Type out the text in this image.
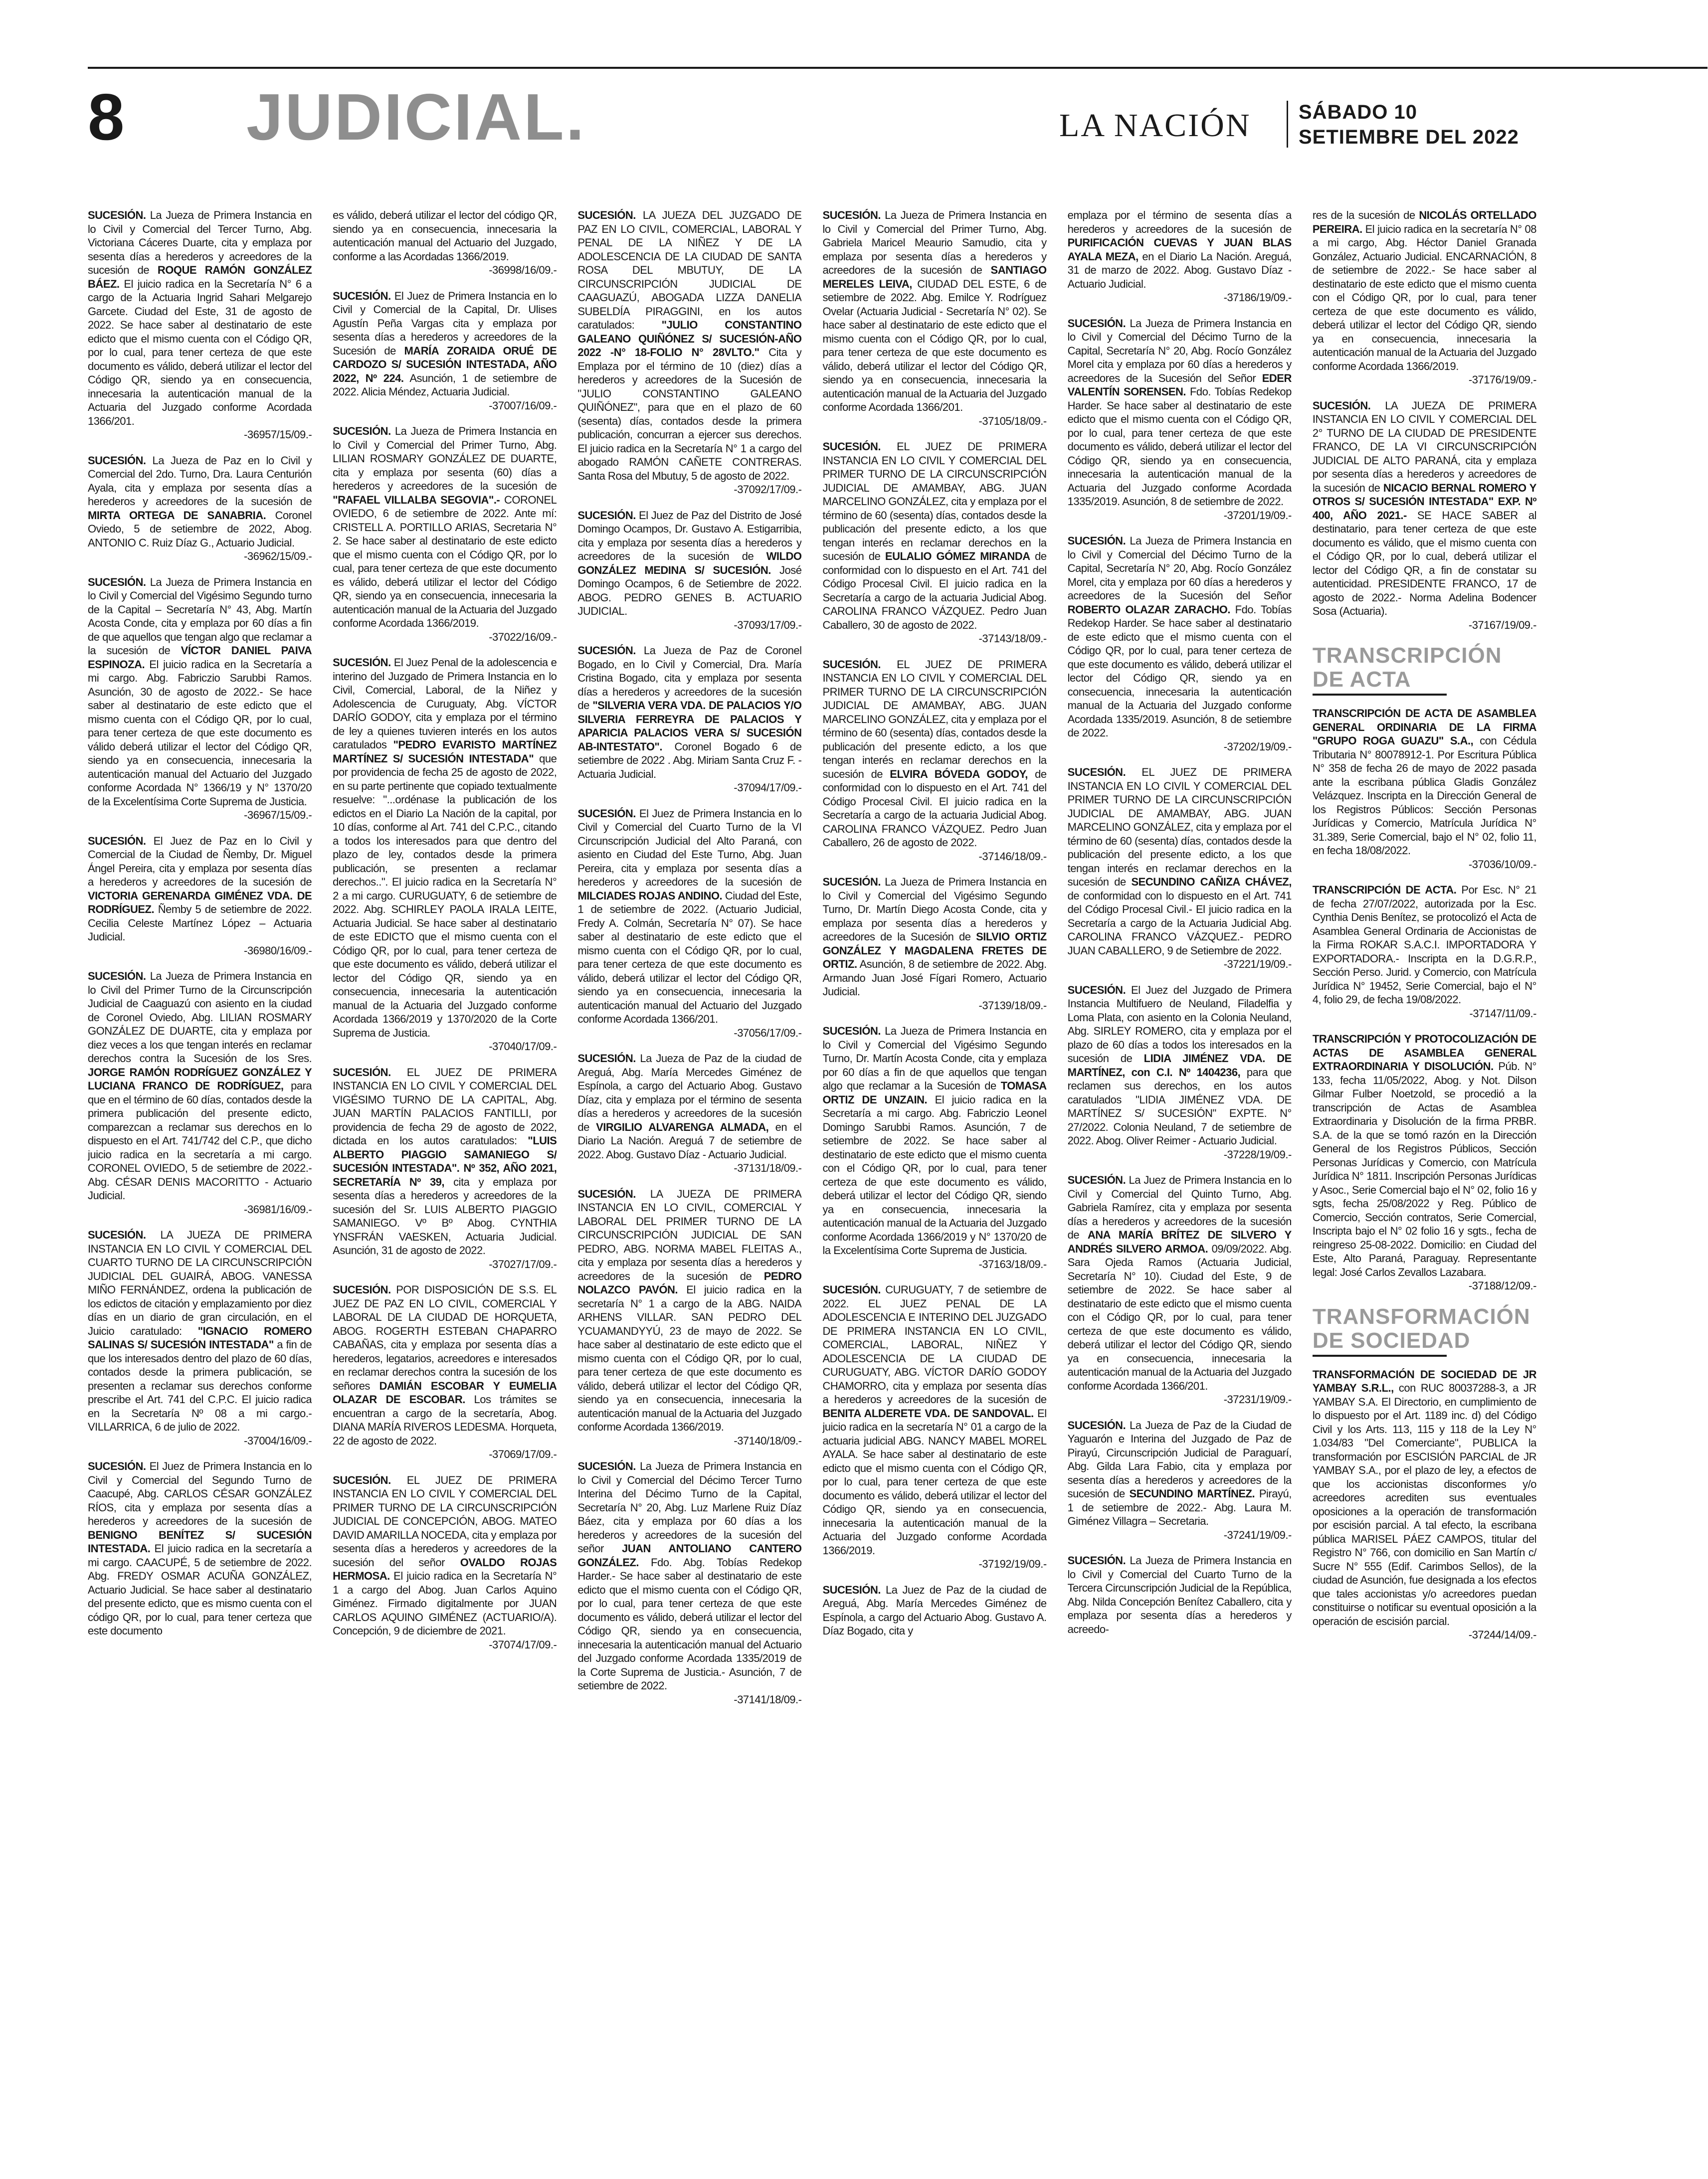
8 JUDICIAL.	LA NACIÓN SÁBADO 10
SETIEMBRE DEL 2022

SUCESIÓN. La Jueza de Primera Instancia en lo Civil y Comercial del Tercer Turno, Abg. Victoriana Cáceres Duarte, cita y emplaza por sesenta días a herederos y acreedores de la sucesión de ROQUE RAMÓN GONZÁLEZ BÁEZ. El juicio radica en la Secretaría N° 6 a cargo de la Actuaria Ingrid Sahari Melgarejo Garcete. Ciudad del Este, 31 de agosto de 2022. Se hace saber al destinatario de este edicto que el mismo cuenta con el Código QR, por lo cual, para tener certeza de que este documento es válido, deberá utilizar el lector del Código QR, siendo ya en consecuencia, innecesaria la autenticación manual de la Actuaria del Juzgado conforme Acordada 1366/201.
-36957/15/09.-

SUCESIÓN. La Jueza de Paz en lo Civil y Comercial del 2do. Turno, Dra. Laura Centurión Ayala, cita y emplaza por sesenta días a herederos y acreedores de la sucesión de MIRTA ORTEGA DE SANABRIA. Coronel Oviedo, 5 de setiembre de 2022, Abog. ANTONIO C. Ruiz Díaz G., Actuario Judicial.
-36962/15/09.-

SUCESIÓN. La Jueza de Primera Instancia en lo Civil y Comercial del Vigésimo Segundo turno de la Capital – Secretaría N° 43, Abg. Martín Acosta Conde, cita y emplaza por 60 días a fin de que aquellos que tengan algo que reclamar a la sucesión de VÍCTOR DANIEL PAIVA ESPINOZA. El juicio radica en la Secretaría a mi cargo. Abg. Fabriczio Sarubbi Ramos. Asunción, 30 de agosto de 2022.- Se hace saber al destinatario de este edicto que el mismo cuenta con el Código QR, por lo cual, para tener certeza de que este documento es válido deberá utilizar el lector del Código QR, siendo ya en consecuencia, innecesaria la autenticación manual del Actuario del Juzgado conforme Acordada N° 1366/19 y N° 1370/20 de la Excelentísima Corte Suprema de Justicia.
-36967/15/09.-

SUCESIÓN. El Juez de Paz en lo Civil y Comercial de la Ciudad de Ñemby, Dr. Miguel Ángel Pereira, cita y emplaza por sesenta días a herederos y acreedores de la sucesión de VICTORIA GERENARDA GIMÉNEZ VDA. DE RODRÍGUEZ. Ñemby 5 de setiembre de 2022. Cecilia Celeste Martínez López – Actuaria Judicial.
-36980/16/09.-

SUCESIÓN. La Jueza de Primera Instancia en lo Civil del Primer Turno de la Circunscripción Judicial de Caaguazú con asiento en la ciudad de Coronel Oviedo, Abg. LILIAN ROSMARY GONZÁLEZ DE DUARTE, cita y emplaza por diez veces a los que tengan interés en reclamar derechos contra la Sucesión de los Sres. JORGE RAMÓN RODRÍGUEZ GONZÁLEZ Y LUCIANA FRANCO DE RODRÍGUEZ, para que en el término de 60 días, contados desde la primera publicación del presente edicto, comparezcan a reclamar sus derechos en lo dispuesto en el Art. 741/742 del C.P., que dicho juicio radica en la secretaría a mi cargo. CORONEL OVIEDO, 5 de setiembre de 2022.- Abg. CÉSAR DENIS MACORITTO - Actuario Judicial.
-36981/16/09.-

SUCESIÓN. LA JUEZA DE PRIMERA INSTANCIA EN LO CIVIL Y COMERCIAL DEL CUARTO TURNO DE LA CIRCUNSCRIPCIÓN JUDICIAL DEL GUAIRÁ, ABOG. VANESSA MIÑO FERNÁNDEZ, ordena la publicación de los edictos de citación y emplazamiento por diez días en un diario de gran circulación, en el Juicio caratulado: "IGNACIO ROMERO SALINAS S/ SUCESIÓN INTESTADA" a fin de que los interesados dentro del plazo de 60 días, contados desde la primera publicación, se presenten a reclamar sus derechos conforme prescribe el Art. 741 del C.P.C. El juicio radica en la Secretaría Nº 08 a mi cargo.- VILLARRICA, 6 de julio de 2022.
-37004/16/09.-

SUCESIÓN. El Juez de Primera Instancia en lo Civil y Comercial del Segundo Turno de Caacupé, Abg. CARLOS CÉSAR GONZÁLEZ RÍOS, cita y emplaza por sesenta días a herederos y acreedores de la sucesión de BENIGNO BENÍTEZ S/ SUCESIÓN INTESTADA. El juicio radica en la secretaría a mi cargo. CAACUPÉ, 5 de setiembre de 2022. Abg. FREDY OSMAR ACUÑA GONZÁLEZ, Actuario Judicial. Se hace saber al destinatario del presente edicto, que es mismo cuenta con el código QR, por lo cual, para tener certeza que este documento

es válido, deberá utilizar el lector del código QR, siendo ya en consecuencia, innecesaria la autenticación manual del Actuario del Juzgado, conforme a las Acordadas 1366/2019.
-36998/16/09.-

SUCESIÓN. El Juez de Primera Instancia en lo Civil y Comercial de la Capital, Dr. Ulises Agustín Peña Vargas cita y emplaza por sesenta días a herederos y acreedores de la Sucesión de MARÍA ZORAIDA ORUÉ DE CARDOZO S/ SUCESIÓN INTESTADA, AÑO 2022, Nº 224. Asunción, 1 de setiembre de 2022. Alicia Méndez, Actuaria Judicial.
-37007/16/09.-

SUCESIÓN. La Jueza de Primera Instancia en lo Civil y Comercial del Primer Turno, Abg. LILIAN ROSMARY GONZÁLEZ DE DUARTE, cita y emplaza por sesenta (60) días a herederos y acreedores de la sucesión de "RAFAEL VILLALBA SEGOVIA".- CORONEL OVIEDO, 6 de setiembre de 2022. Ante mí: CRISTELL A. PORTILLO ARIAS, Secretaria N° 2. Se hace saber al destinatario de este edicto que el mismo cuenta con el Código QR, por lo cual, para tener certeza de que este documento es válido, deberá utilizar el lector del Código QR, siendo ya en consecuencia, innecesaria la autenticación manual de la Actuaria del Juzgado conforme Acordada 1366/2019.
-37022/16/09.-

SUCESIÓN. El Juez Penal de la adolescencia e interino del Juzgado de Primera Instancia en lo Civil, Comercial, Laboral, de la Niñez y Adolescencia de Curuguaty, Abg. VÍCTOR DARÍO GODOY, cita y emplaza por el término de ley a quienes tuvieren interés en los autos caratulados "PEDRO EVARISTO MARTÍNEZ MARTÍNEZ S/ SUCESIÓN INTESTADA" que por providencia de fecha 25 de agosto de 2022, en su parte pertinente que copiado textualmente resuelve: "...ordénase la publicación de los edictos en el Diario La Nación de la capital, por 10 días, conforme al Art. 741 del C.P.C., citando a todos los interesados para que dentro del plazo de ley, contados desde la primera publicación, se presenten a reclamar derechos..". El juicio radica en la Secretaría N° 2 a mi cargo. CURUGUATY, 6 de setiembre de 2022. Abg. SCHIRLEY PAOLA IRALA LEITE, Actuaria Judicial. Se hace saber al destinatario de este EDICTO que el mismo cuenta con el Código QR, por lo cual, para tener certeza de que este documento es válido, deberá utilizar el lector del Código QR, siendo ya en consecuencia, innecesaria la autenticación manual de la Actuaria del Juzgado conforme Acordada 1366/2019 y 1370/2020 de la Corte Suprema de Justicia.
-37040/17/09.-

SUCESIÓN. EL JUEZ DE PRIMERA INSTANCIA EN LO CIVIL Y COMERCIAL DEL VIGÉSIMO TURNO DE LA CAPITAL, Abg. JUAN MARTÍN PALACIOS FANTILLI, por providencia de fecha 29 de agosto de 2022, dictada en los autos caratulados: "LUIS ALBERTO PIAGGIO SAMANIEGO S/ SUCESIÓN INTESTADA". Nº 352, AÑO 2021, SECRETARÍA Nº 39, cita y emplaza por sesenta días a herederos y acreedores de la sucesión del Sr. LUIS ALBERTO PIAGGIO SAMANIEGO. Vº Bº Abog. CYNTHIA YNSFRÁN VAESKEN, Actuaria Judicial. Asunción, 31 de agosto de 2022.
-37027/17/09.-

SUCESIÓN. POR DISPOSICIÓN DE S.S. EL JUEZ DE PAZ EN LO CIVIL, COMERCIAL Y LABORAL DE LA CIUDAD DE HORQUETA, ABOG. ROGERTH ESTEBAN CHAPARRO CABAÑAS, cita y emplaza por sesenta días a herederos, legatarios, acreedores e interesados en reclamar derechos contra la sucesión de los señores DAMIÁN ESCOBAR Y EUMELIA OLAZAR DE ESCOBAR. Los trámites se encuentran a cargo de la secretaría, Abog. DIANA MARÍA RIVEROS LEDESMA. Horqueta, 22 de agosto de 2022.
-37069/17/09.-

SUCESIÓN. EL JUEZ DE PRIMERA INSTANCIA EN LO CIVIL Y COMERCIAL DEL PRIMER TURNO DE LA CIRCUNSCRIPCIÓN JUDICIAL DE CONCEPCIÓN, ABOG. MATEO DAVID AMARILLA NOCEDA, cita y emplaza por sesenta días a herederos y acreedores de la sucesión del señor OVALDO ROJAS HERMOSA. El juicio radica en la Secretaría N° 1 a cargo del Abog. Juan Carlos Aquino Giménez. Firmado digitalmente por JUAN CARLOS AQUINO GIMÉNEZ (ACTUARIO/A). Concepción, 9 de diciembre de 2021.
-37074/17/09.-

SUCESIÓN. LA JUEZA DEL JUZGADO DE PAZ EN LO CIVIL, COMERCIAL, LABORAL Y PENAL DE LA NIÑEZ Y DE LA ADOLESCENCIA DE LA CIUDAD DE SANTA ROSA DEL MBUTUY, DE LA CIRCUNSCRIPCIÓN JUDICIAL DE CAAGUAZÚ, ABOGADA LIZZA DANELIA SUBELDÍA PIRAGGINI, en los autos caratulados: "JULIO CONSTANTINO GALEANO QUIÑÓNEZ S/ SUCESIÓN-AÑO 2022 -N° 18-FOLIO N° 28VLTO." Cita y Emplaza por el término de 10 (diez) días a herederos y acreedores de la Sucesión de "JULIO CONSTANTINO GALEANO QUIÑÓNEZ", para que en el plazo de 60 (sesenta) días, contados desde la primera publicación, concurran a ejercer sus derechos. El juicio radica en la Secretaría N° 1 a cargo del abogado RAMÓN CAÑETE CONTRERAS. Santa Rosa del Mbutuy, 5 de agosto de 2022.
-37092/17/09.-

SUCESIÓN. El Juez de Paz del Distrito de José Domingo Ocampos, Dr. Gustavo A. Estigarribia, cita y emplaza por sesenta días a herederos y acreedores de la sucesión de WILDO GONZÁLEZ MEDINA S/ SUCESIÓN. José Domingo Ocampos, 6 de Setiembre de 2022. ABOG. PEDRO GENES B. ACTUARIO JUDICIAL.
-37093/17/09.-

SUCESIÓN. La Jueza de Paz de Coronel Bogado, en lo Civil y Comercial, Dra. María Cristina Bogado, cita y emplaza por sesenta días a herederos y acreedores de la sucesión de "SILVERIA VERA VDA. DE PALACIOS Y/O SILVERIA FERREYRA DE PALACIOS Y APARICIA PALACIOS VERA S/ SUCESIÓN AB-INTESTATO". Coronel Bogado 6 de setiembre de 2022 . Abg. Miriam Santa Cruz F. - Actuaria Judicial.
-37094/17/09.-

SUCESIÓN. El Juez de Primera Instancia en lo Civil y Comercial del Cuarto Turno de la VI Circunscripción Judicial del Alto Paraná, con asiento en Ciudad del Este Turno, Abg. Juan Pereira, cita y emplaza por sesenta días a herederos y acreedores de la sucesión de MILCIADES ROJAS ANDINO. Ciudad del Este, 1 de setiembre de 2022. (Actuario Judicial, Fredy A. Colmán, Secretaría N° 07). Se hace saber al destinatario de este edicto que el mismo cuenta con el Código QR, por lo cual, para tener certeza de que este documento es válido, deberá utilizar el lector del Código QR, siendo ya en consecuencia, innecesaria la autenticación manual del Actuario del Juzgado conforme Acordada 1366/201.
-37056/17/09.-

SUCESIÓN. La Jueza de Paz de la ciudad de Areguá, Abg. María Mercedes Giménez de Espínola, a cargo del Actuario Abog. Gustavo Díaz, cita y emplaza por el término de sesenta días a herederos y acreedores de la sucesión de VIRGILIO ALVARENGA ALMADA, en el Diario La Nación. Areguá 7 de setiembre de 2022. Abog. Gustavo Díaz - Actuario Judicial.
-37131/18/09.-

SUCESIÓN. LA JUEZA DE PRIMERA INSTANCIA EN LO CIVIL, COMERCIAL Y LABORAL DEL PRIMER TURNO DE LA CIRCUNSCRIPCIÓN JUDICIAL DE SAN PEDRO, ABG. NORMA MABEL FLEITAS A., cita y emplaza por sesenta días a herederos y acreedores de la sucesión de PEDRO NOLAZCO PAVÓN. El juicio radica en la secretaría N° 1 a cargo de la ABG. NAIDA ARHENS VILLAR. SAN PEDRO DEL YCUAMANDYYÚ, 23 de mayo de 2022. Se hace saber al destinatario de este edicto que el mismo cuenta con el Código QR, por lo cual, para tener certeza de que este documento es válido, deberá utilizar el lector del Código QR, siendo ya en consecuencia, innecesaria la autenticación manual de la Actuaria del Juzgado conforme Acordada 1366/2019.
-37140/18/09.-

SUCESIÓN. La Jueza de Primera Instancia en lo Civil y Comercial del Décimo Tercer Turno Interina del Décimo Turno de la Capital, Secretaría N° 20, Abg. Luz Marlene Ruiz Díaz Báez, cita y emplaza por 60 días a los herederos y acreedores de la sucesión del señor JUAN ANTOLIANO CANTERO GONZÁLEZ. Fdo. Abg. Tobías Redekop Harder.- Se hace saber al destinatario de este edicto que el mismo cuenta con el Código QR, por lo cual, para tener certeza de que este documento es válido, deberá utilizar el lector del Código QR, siendo ya en consecuencia, innecesaria la autenticación manual del Actuario del Juzgado conforme Acordada 1335/2019 de la Corte Suprema de Justicia.- Asunción, 7 de setiembre de 2022.
-37141/18/09.-

SUCESIÓN. La Jueza de Primera Instancia en lo Civil y Comercial del Primer Turno, Abg. Gabriela Maricel Meaurio Samudio, cita y emplaza por sesenta días a herederos y acreedores de la sucesión de SANTIAGO MERELES LEIVA, CIUDAD DEL ESTE, 6 de setiembre de 2022. Abg. Emilce Y. Rodríguez Ovelar (Actuaria Judicial - Secretaría N° 02). Se hace saber al destinatario de este edicto que el mismo cuenta con el Código QR, por lo cual, para tener certeza de que este documento es válido, deberá utilizar el lector del Código QR, siendo ya en consecuencia, innecesaria la autenticación manual de la Actuaria del Juzgado conforme Acordada 1366/201.
-37105/18/09.-

SUCESIÓN. EL JUEZ DE PRIMERA INSTANCIA EN LO CIVIL Y COMERCIAL DEL PRIMER TURNO DE LA CIRCUNSCRIPCIÓN JUDICIAL DE AMAMBAY, ABG. JUAN MARCELINO GONZÁLEZ, cita y emplaza por el término de 60 (sesenta) días, contados desde la publicación del presente edicto, a los que tengan interés en reclamar derechos en la sucesión de EULALIO GÓMEZ MIRANDA de conformidad con lo dispuesto en el Art. 741 del Código Procesal Civil. El juicio radica en la Secretaría a cargo de la actuaria Judicial Abog. CAROLINA FRANCO VÁZQUEZ. Pedro Juan Caballero, 30 de agosto de 2022.
-37143/18/09.-

SUCESIÓN. EL JUEZ DE PRIMERA INSTANCIA EN LO CIVIL Y COMERCIAL DEL PRIMER TURNO DE LA CIRCUNSCRIPCIÓN JUDICIAL DE AMAMBAY, ABG. JUAN MARCELINO GONZÁLEZ, cita y emplaza por el término de 60 (sesenta) días, contados desde la publicación del presente edicto, a los que tengan interés en reclamar derechos en la sucesión de ELVIRA BÓVEDA GODOY, de conformidad con lo dispuesto en el Art. 741 del Código Procesal Civil. El juicio radica en la Secretaría a cargo de la actuaria Judicial Abog. CAROLINA FRANCO VÁZQUEZ. Pedro Juan Caballero, 26 de agosto de 2022.
-37146/18/09.-

SUCESIÓN. La Jueza de Primera Instancia en lo Civil y Comercial del Vigésimo Segundo Turno, Dr. Martín Diego Acosta Conde, cita y emplaza por sesenta días a herederos y acreedores de la Sucesión de SILVIO ORTIZ GONZÁLEZ Y MAGDALENA FRETES DE ORTIZ. Asunción, 8 de setiembre de 2022. Abg. Armando Juan José Fígari Romero, Actuario Judicial.
-37139/18/09.-

SUCESIÓN. La Jueza de Primera Instancia en lo Civil y Comercial del Vigésimo Segundo Turno, Dr. Martín Acosta Conde, cita y emplaza por 60 días a fin de que aquellos que tengan algo que reclamar a la Sucesión de TOMASA ORTIZ DE UNZAIN. El juicio radica en la Secretaría a mi cargo. Abg. Fabriczio Leonel Domingo Sarubbi Ramos. Asunción, 7 de setiembre de 2022. Se hace saber al destinatario de este edicto que el mismo cuenta con el Código QR, por lo cual, para tener certeza de que este documento es válido, deberá utilizar el lector del Código QR, siendo ya en consecuencia, innecesaria la autenticación manual de la Actuaria del Juzgado conforme Acordada 1366/2019 y N° 1370/20 de la Excelentísima Corte Suprema de Justicia.
-37163/18/09.-

SUCESIÓN. CURUGUATY, 7 de setiembre de 2022. EL JUEZ PENAL DE LA ADOLESCENCIA E INTERINO DEL JUZGADO DE PRIMERA INSTANCIA EN LO CIVIL, COMERCIAL, LABORAL, NIÑEZ Y ADOLESCENCIA DE LA CIUDAD DE CURUGUATY, ABG. VÍCTOR DARÍO GODOY CHAMORRO, cita y emplaza por sesenta días a herederos y acreedores de la sucesión de BENITA ALDERETE VDA. DE SANDOVAL. El juicio radica en la secretaría N° 01 a cargo de la actuaria judicial ABG. NANCY MABEL MOREL AYALA. Se hace saber al destinatario de este edicto que el mismo cuenta con el Código QR, por lo cual, para tener certeza de que este documento es válido, deberá utilizar el lector del Código QR, siendo ya en consecuencia, innecesaria la autenticación manual de la Actuaria del Juzgado conforme Acordada 1366/2019.
-37192/19/09.-

SUCESIÓN. La Juez de Paz de la ciudad de Areguá, Abg. María Mercedes Giménez de Espínola, a cargo del Actuario Abog. Gustavo A. Díaz Bogado, cita y

emplaza por el término de sesenta días a herederos y acreedores de la sucesión de PURIFICACIÓN CUEVAS Y JUAN BLAS AYALA MEZA, en el Diario La Nación. Areguá, 31 de marzo de 2022. Abog. Gustavo Díaz - Actuario Judicial.
-37186/19/09.-

SUCESIÓN. La Jueza de Primera Instancia en lo Civil y Comercial del Décimo Turno de la Capital, Secretaría N° 20, Abg. Rocío González Morel cita y emplaza por 60 días a herederos y acreedores de la Sucesión del Señor EDER VALENTÍN SORENSEN. Fdo. Tobías Redekop Harder. Se hace saber al destinatario de este edicto que el mismo cuenta con el Código QR, por lo cual, para tener certeza de que este documento es válido, deberá utilizar el lector del Código QR, siendo ya en consecuencia, innecesaria la autenticación manual de la Actuaria del Juzgado conforme Acordada 1335/2019. Asunción, 8 de setiembre de 2022.
-37201/19/09.-

SUCESIÓN. La Jueza de Primera Instancia en lo Civil y Comercial del Décimo Turno de la Capital, Secretaría N° 20, Abg. Rocío González Morel, cita y emplaza por 60 días a herederos y acreedores de la Sucesión del Señor ROBERTO OLAZAR ZARACHO. Fdo. Tobías Redekop Harder. Se hace saber al destinatario de este edicto que el mismo cuenta con el Código QR, por lo cual, para tener certeza de que este documento es válido, deberá utilizar el lector del Código QR, siendo ya en consecuencia, innecesaria la autenticación manual de la Actuaria del Juzgado conforme Acordada 1335/2019. Asunción, 8 de setiembre de 2022.
-37202/19/09.-

SUCESIÓN. EL JUEZ DE PRIMERA INSTANCIA EN LO CIVIL Y COMERCIAL DEL PRIMER TURNO DE LA CIRCUNSCRIPCIÓN JUDICIAL DE AMAMBAY, ABG. JUAN MARCELINO GONZÁLEZ, cita y emplaza por el término de 60 (sesenta) días, contados desde la publicación del presente edicto, a los que tengan interés en reclamar derechos en la sucesión de SECUNDINO CAÑIZA CHÁVEZ, de conformidad con lo dispuesto en el Art. 741 del Código Procesal Civil.- El juicio radica en la Secretaría a cargo de la Actuaria Judicial Abg. CAROLINA FRANCO VÁZQUEZ.- PEDRO JUAN CABALLERO, 9 de Setiembre de 2022.
-37221/19/09.-

SUCESIÓN. El Juez del Juzgado de Primera Instancia Multifuero de Neuland, Filadelfia y Loma Plata, con asiento en la Colonia Neuland, Abg. SIRLEY ROMERO, cita y emplaza por el plazo de 60 días a todos los interesados en la sucesión de LIDIA JIMÉNEZ VDA. DE MARTÍNEZ, con C.I. Nº 1404236, para que reclamen sus derechos, en los autos caratulados "LIDIA JIMÉNEZ VDA. DE MARTÍNEZ S/ SUCESIÓN" EXPTE. N° 27/2022. Colonia Neuland, 7 de setiembre de 2022. Abog. Oliver Reimer - Actuario Judicial.
-37228/19/09.-

SUCESIÓN. La Juez de Primera Instancia en lo Civil y Comercial del Quinto Turno, Abg. Gabriela Ramírez, cita y emplaza por sesenta días a herederos y acreedores de la sucesión de ANA MARÍA BRÍTEZ DE SILVERO Y ANDRÉS SILVERO ARMOA. 09/09/2022. Abg. Sara Ojeda Ramos (Actuaria Judicial, Secretaría N° 10). Ciudad del Este, 9 de setiembre de 2022. Se hace saber al destinatario de este edicto que el mismo cuenta con el Código QR, por lo cual, para tener certeza de que este documento es válido, deberá utilizar el lector del Código QR, siendo ya en consecuencia, innecesaria la autenticación manual de la Actuaria del Juzgado conforme Acordada 1366/201.
-37231/19/09.-

SUCESIÓN. La Jueza de Paz de la Ciudad de Yaguarón e Interina del Juzgado de Paz de Pirayú, Circunscripción Judicial de Paraguarí, Abg. Gilda Lara Fabio, cita y emplaza por sesenta días a herederos y acreedores de la sucesión de SECUNDINO MARTÍNEZ. Pirayú, 1 de setiembre de 2022.- Abg. Laura M. Giménez Villagra – Secretaria.
-37241/19/09.-

SUCESIÓN. La Jueza de Primera Instancia en lo Civil y Comercial del Cuarto Turno de la Tercera Circunscripción Judicial de la República, Abg. Nilda Concepción Benítez Caballero, cita y emplaza por sesenta días a herederos y acreedo-

res de la sucesión de NICOLÁS ORTELLADO PEREIRA. El juicio radica en la secretaría N° 08 a mi cargo, Abg. Héctor Daniel Granada González, Actuario Judicial. ENCARNACIÓN, 8 de setiembre de 2022.- Se hace saber al destinatario de este edicto que el mismo cuenta con el Código QR, por lo cual, para tener certeza de que este documento es válido, deberá utilizar el lector del Código QR, siendo ya en consecuencia, innecesaria la autenticación manual de la Actuaria del Juzgado conforme Acordada 1366/2019.
-37176/19/09.-

SUCESIÓN. LA JUEZA DE PRIMERA INSTANCIA EN LO CIVIL Y COMERCIAL DEL 2° TURNO DE LA CIUDAD DE PRESIDENTE FRANCO, DE LA VI CIRCUNSCRIPCIÓN JUDICIAL DE ALTO PARANÁ, cita y emplaza por sesenta días a herederos y acreedores de la sucesión de NICACIO BERNAL ROMERO Y OTROS S/ SUCESIÓN INTESTADA" EXP. Nº 400, AÑO 2021.- SE HACE SABER al destinatario, para tener certeza de que este documento es válido, que el mismo cuenta con el Código QR, por lo cual, deberá utilizar el lector del Código QR, a fin de constatar su autenticidad. PRESIDENTE FRANCO, 17 de agosto de 2022.- Norma Adelina Bodencer Sosa (Actuaria).
-37167/19/09.-

TRANSCRIPCIÓN DE ACTA

TRANSCRIPCIÓN DE ACTA DE ASAMBLEA GENERAL ORDINARIA DE LA FIRMA "GRUPO ROGA GUAZU" S.A., con Cédula Tributaria N° 80078912-1. Por Escritura Pública N° 358 de fecha 26 de mayo de 2022 pasada ante la escribana pública Gladis González Velázquez. Inscripta en la Dirección General de los Registros Públicos: Sección Personas Jurídicas y Comercio, Matrícula Jurídica N° 31.389, Serie Comercial, bajo el N° 02, folio 11, en fecha 18/08/2022.
-37036/10/09.-

TRANSCRIPCIÓN DE ACTA. Por Esc. N° 21 de fecha 27/07/2022, autorizada por la Esc. Cynthia Denis Benítez, se protocolizó el Acta de Asamblea General Ordinaria de Accionistas de la Firma ROKAR S.A.C.I. IMPORTADORA Y EXPORTADORA.- Inscripta en la D.G.R.P., Sección Perso. Jurid. y Comercio, con Matrícula Jurídica N° 19452, Serie Comercial, bajo el N° 4, folio 29, de fecha 19/08/2022.
-37147/11/09.-

TRANSCRIPCIÓN Y PROTOCOLIZACIÓN DE ACTAS DE ASAMBLEA GENERAL EXTRAORDINARIA Y DISOLUCIÓN. Púb. N° 133, fecha 11/05/2022, Abog. y Not. Dilson Gilmar Fulber Noetzold, se procedió a la transcripción de Actas de Asamblea Extraordinaria y Disolución de la firma PRBR. S.A. de la que se tomó razón en la Dirección General de los Registros Públicos, Sección Personas Jurídicas y Comercio, con Matrícula Jurídica N° 1811. Inscripción Personas Jurídicas y Asoc., Serie Comercial bajo el N° 02, folio 16 y sgts, fecha 25/08/2022 y Reg. Público de Comercio, Sección contratos, Serie Comercial, Inscripta bajo el N° 02 folio 16 y sgts., fecha de reingreso 25-08-2022. Domicilio: en Ciudad del Este, Alto Paraná, Paraguay. Representante legal: José Carlos Zevallos Lazabara.
-37188/12/09.-

TRANSFORMACIÓN DE SOCIEDAD

TRANSFORMACIÓN DE SOCIEDAD DE JR YAMBAY S.R.L., con RUC 80037288-3, a JR YAMBAY S.A. El Directorio, en cumplimiento de lo dispuesto por el Art. 1189 inc. d) del Código Civil y los Arts. 113, 115 y 118 de la Ley N° 1.034/83 "Del Comerciante", PUBLICA la transformación por ESCISIÓN PARCIAL de JR YAMBAY S.A., por el plazo de ley, a efectos de que los accionistas disconformes y/o acreedores acrediten sus eventuales oposiciones a la operación de transformación por escisión parcial. A tal efecto, la escribana pública MARISEL PÁEZ CAMPOS, titular del Registro N° 766, con domicilio en San Martín c/ Sucre N° 555 (Edif. Carimbos Sellos), de la ciudad de Asunción, fue designada a los efectos que tales accionistas y/o acreedores puedan constituirse o notificar su eventual oposición a la operación de escisión parcial.
-37244/14/09.-
